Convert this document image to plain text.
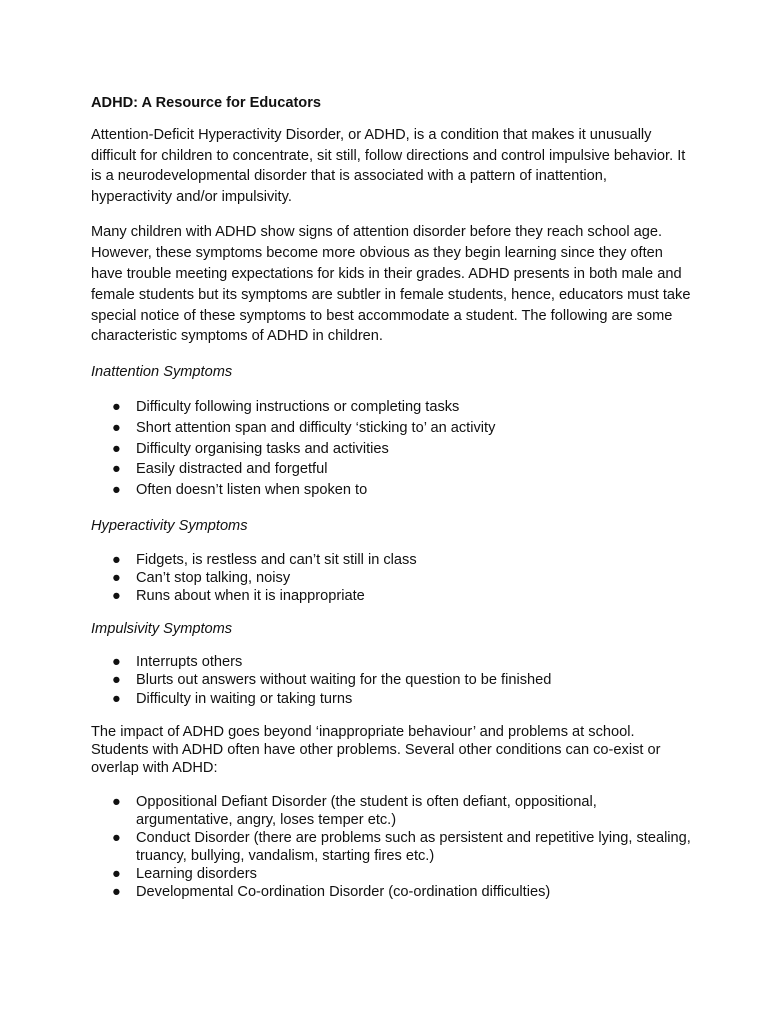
ADHD: A Resource for Educators

Attention-Deficit Hyperactivity Disorder, or ADHD, is a condition that makes it unusually difficult for children to concentrate, sit still, follow directions and control impulsive behavior. It is a neurodevelopmental disorder that is associated with a pattern of inattention, hyperactivity and/or impulsivity.

Many children with ADHD show signs of attention disorder before they reach school age. However, these symptoms become more obvious as they begin learning since they often have trouble meeting expectations for kids in their grades. ADHD presents in both male and female students but its symptoms are subtler in female students, hence, educators must take special notice of these symptoms to best accommodate a student. The following are some characteristic symptoms of ADHD in children.

Inattention Symptoms

● Difficulty following instructions or completing tasks
● Short attention span and difficulty ‘sticking to’ an activity
● Difficulty organising tasks and activities
● Easily distracted and forgetful
● Often doesn’t listen when spoken to

Hyperactivity Symptoms

● Fidgets, is restless and can’t sit still in class
● Can’t stop talking, noisy
● Runs about when it is inappropriate

Impulsivity Symptoms

● Interrupts others
● Blurts out answers without waiting for the question to be finished
● Difficulty in waiting or taking turns

The impact of ADHD goes beyond ‘inappropriate behaviour’ and problems at school. Students with ADHD often have other problems. Several other conditions can co-exist or overlap with ADHD:

● Oppositional Defiant Disorder (the student is often defiant, oppositional, argumentative, angry, loses temper etc.)
● Conduct Disorder (there are problems such as persistent and repetitive lying, stealing, truancy, bullying, vandalism, starting fires etc.)
● Learning disorders
● Developmental Co-ordination Disorder (co-ordination difficulties)
